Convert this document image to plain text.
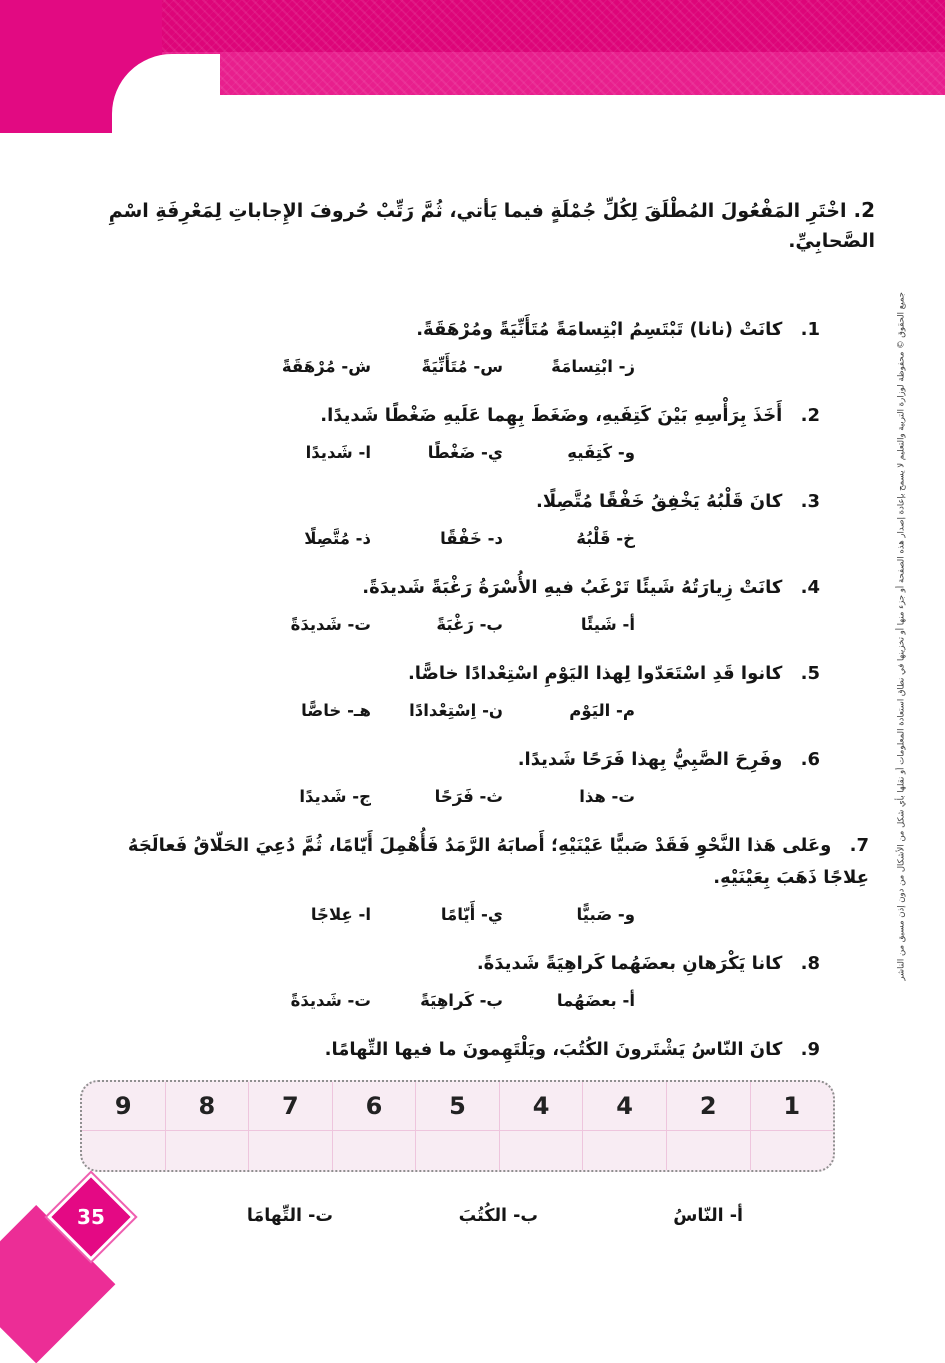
2 . اخْتَرِ المَفْعُولَ المُطْلَقَ لِكُلِّ جُمْلَةٍ فيما يَأتي، ثُمَّ رَتِّبْ حُروفَ الإِجاباتِ لِمَعْرِفَةِ اسْمِ الصَّحابِيِّ.
1 . كانَتْ (نانا) تَبْتَسِمُ ابْتِسامَةً مُتَأَنِّيَةً ومُرْهَقَةً.
ز- ابْتِسامَةً
س- مُتَأَنِّيَةً
ش- مُرْهَقَةً
2 . أَخَذَ بِرَأْسِهِ بَيْنَ كَتِفَيهِ، وضَغَطَ بِهِما عَلَيهِ ضَغْطًا شَديدًا.
و- كَتِفَيهِ
ي- ضَغْطًا
ا- شَديدًا
3 . كانَ قَلْبُهُ يَخْفِقُ خَفْقًا مُتَّصِلًا.
خ- قَلْبُهُ
د- خَفْقًا
ذ- مُتَّصِلًا
4 . كانَتْ زِيارَتُهُ شَيئًا تَرْغَبُ فيهِ الأُسْرَةُ رَغْبَةً شَديدَةً.
أ- شَيئًا
ب- رَغْبَةً
ت- شَديدَةً
5 . كانوا قَدِ اسْتَعَدّوا لِهذا اليَوْمِ اسْتِعْدادًا خاصًّا.
م- اليَوْم
ن- اِسْتِعْدادًا
هـ- خاصًّا
6 . وفَرِحَ الصَّبِيُّ بِهذا فَرَحًا شَديدًا.
ت- هذا
ث- فَرَحًا
ج- شَديدًا
7 . وعَلى هَذا النَّحْوِ فَقَدْ صَبيًّا عَيْنَيْهِ؛ أَصابَهُ الرَّمَدُ فَأُهْمِلَ أَيّامًا، ثُمَّ دُعِيَ الحَلّاقُ فَعالَجَهُ عِلاجًا ذَهَبَ بِعَيْنَيْهِ.
و- صَبيًّا
ي- أَيّامًا
ا- عِلاجًا
8 . كانا يَكْرَهانِ بعضَهُما كَراهِيَةً شَديدَةً.
أ- بعضَهُما
ب- كَراهِيَةً
ت- شَديدَةً
9 . كانَ النّاسُ يَشْتَرونَ الكُتُبَ، ويَلْتَهِمونَ ما فيها التِّهامًا.
9	8	7	6	5	4	4	2	1
أ- النّاسُ
ب- الكُتُبَ
ت- التِّهامَا
جميع الحقوق © محفوظة لوزارة التربية والتعليم لا يسمح بإعادة إصدار هذه الصفحة أو جزء منها أو تخزينها في نطاق استعادة المعلومات أو نقلها بأي شكل من الأشكال من دون إذن مسبق من الناشر
35
